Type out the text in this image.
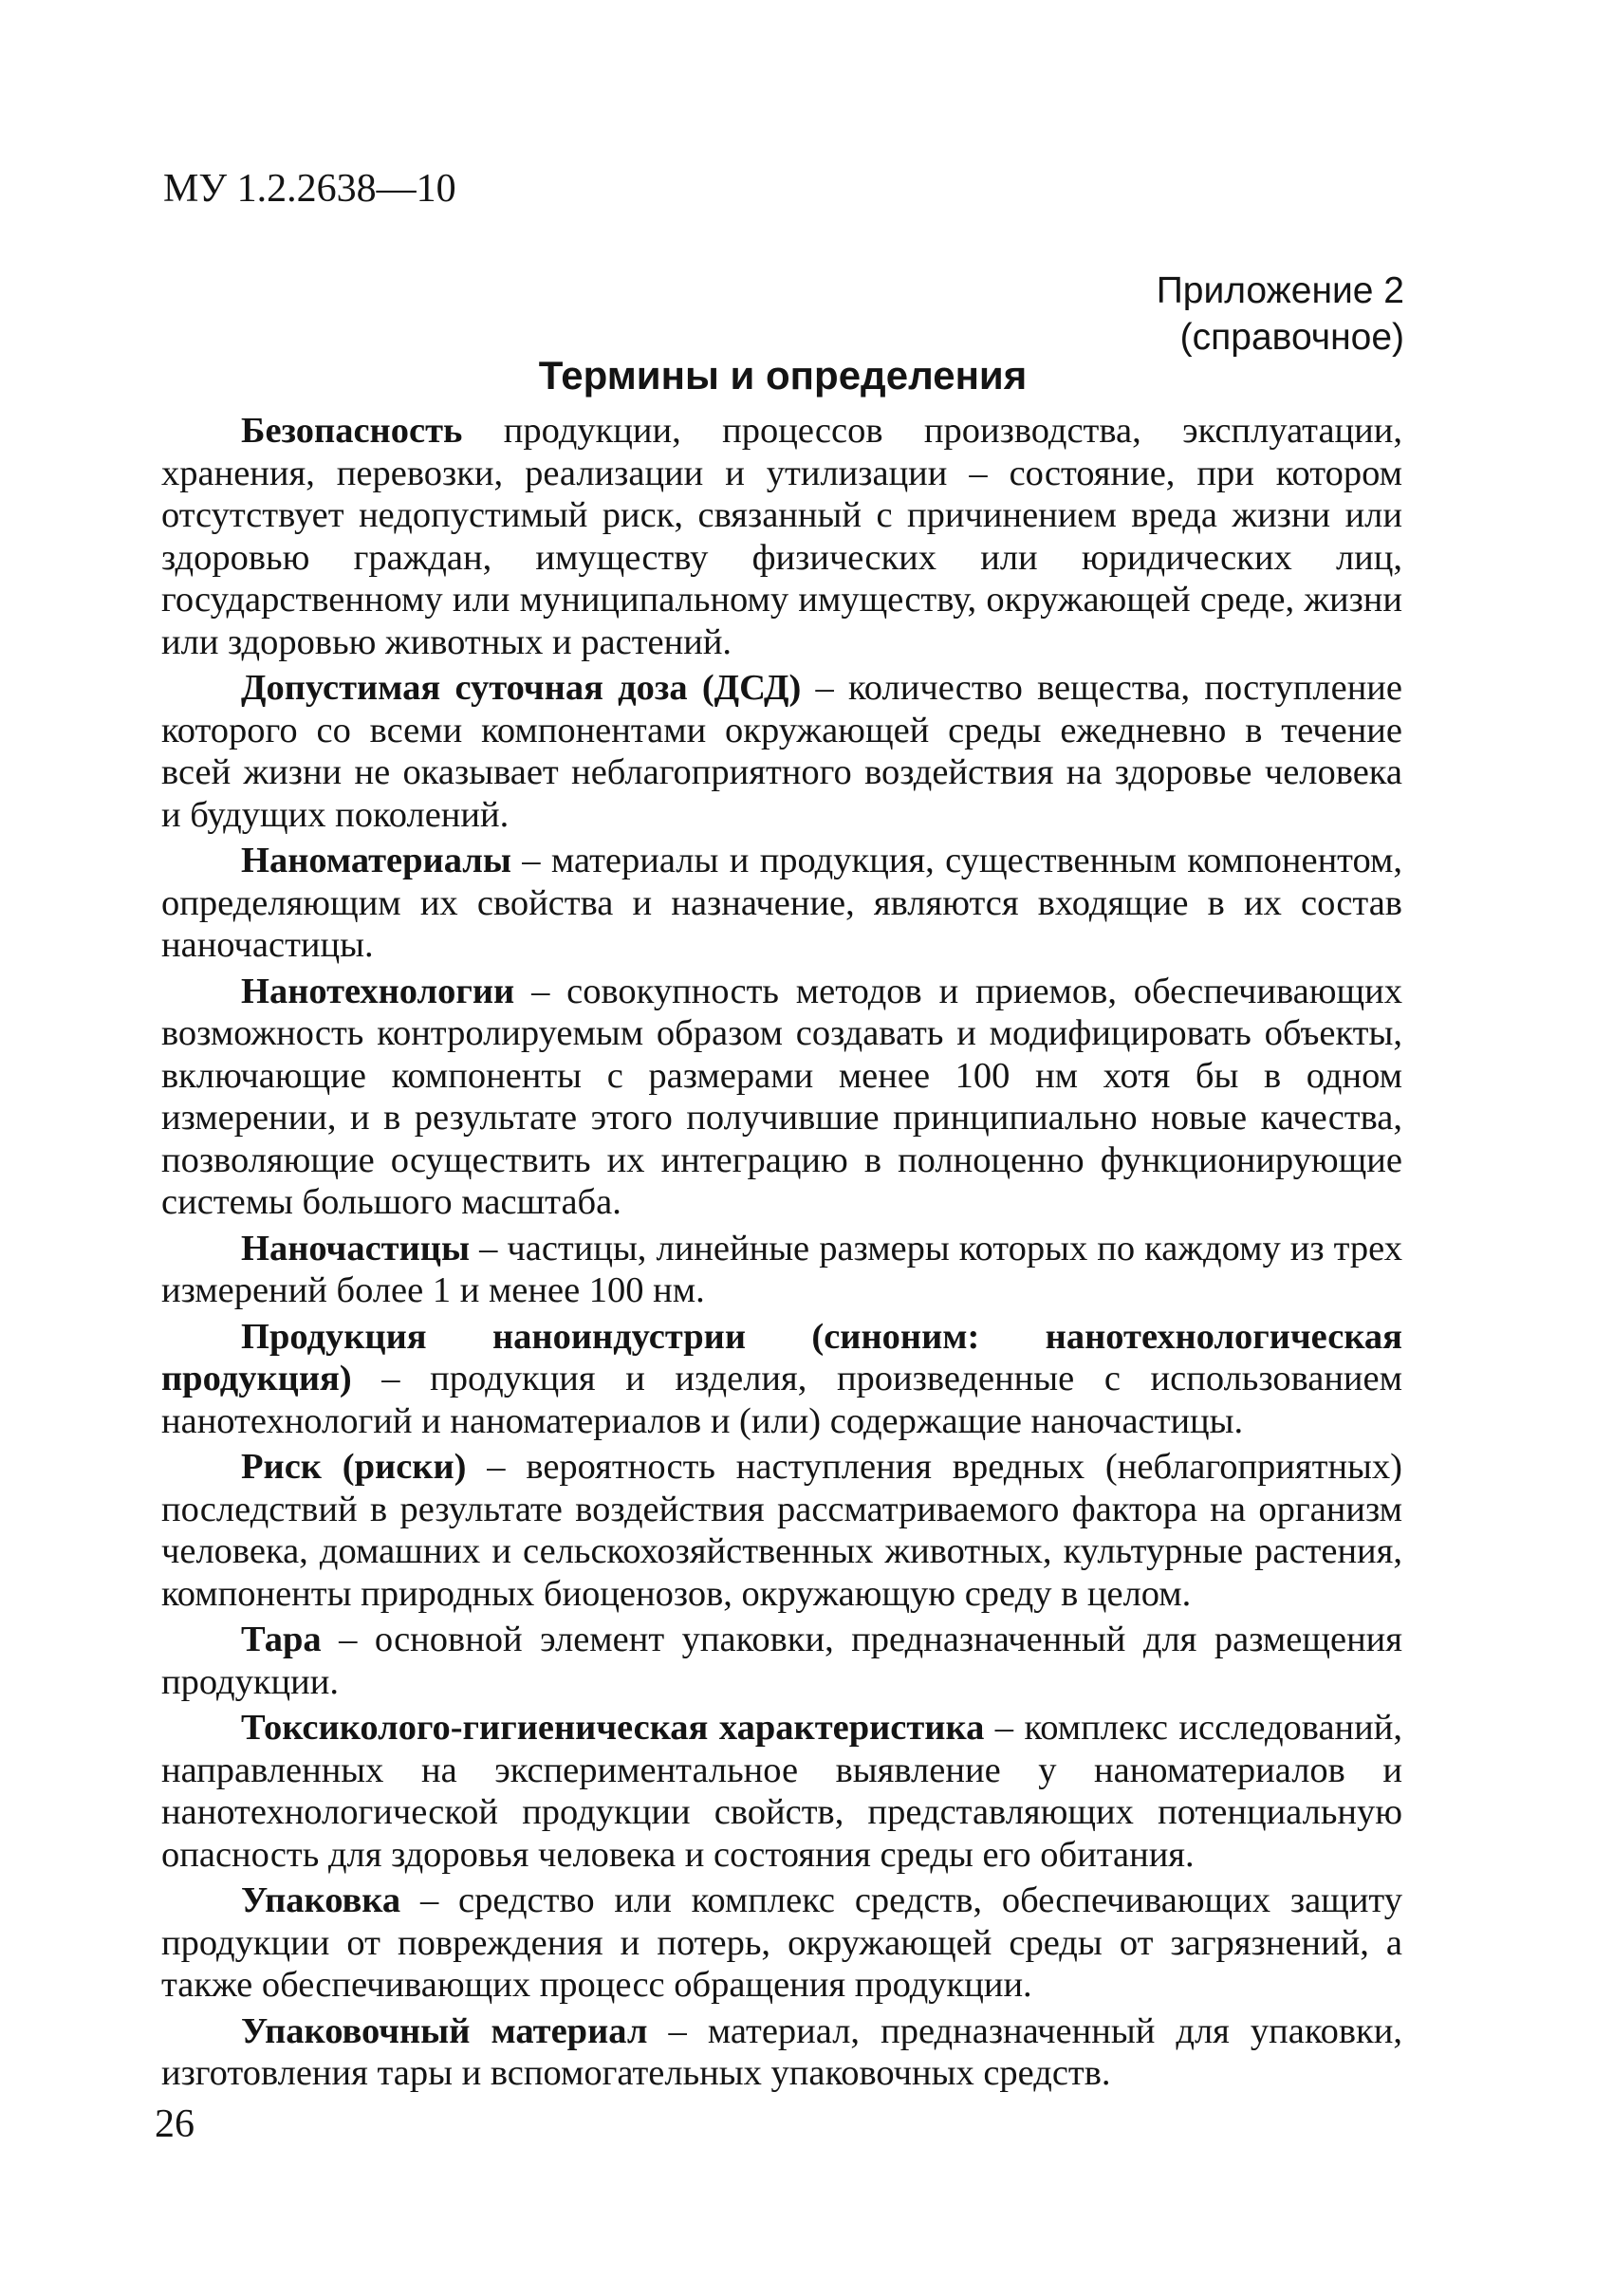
МУ 1.2.2638—10
Приложение 2
(справочное)
Термины и определения

Безопасность продукции, процессов производства, эксплуатации, хранения, перевозки, реализации и утилизации – состояние, при котором отсутствует недопустимый риск, связанный с причинением вреда жизни или здоровью граждан, имуществу физических или юридических лиц, государственному или муниципальному имуществу, окружающей среде, жизни или здоровью животных и растений.

Допустимая суточная доза (ДСД) – количество вещества, поступление которого со всеми компонентами окружающей среды ежедневно в течение всей жизни не оказывает неблагоприятного воздействия на здоровье человека и будущих поколений.

Наноматериалы – материалы и продукция, существенным компонентом, определяющим их свойства и назначение, являются входящие в их состав наночастицы.

Нанотехнологии – совокупность методов и приемов, обеспечивающих возможность контролируемым образом создавать и модифицировать объекты, включающие компоненты с размерами менее 100 нм хотя бы в одном измерении, и в результате этого получившие принципиально новые качества, позволяющие осуществить их интеграцию в полноценно функционирующие системы большого масштаба.

Наночастицы – частицы, линейные размеры которых по каждому из трех измерений более 1 и менее 100 нм.

Продукция наноиндустрии (синоним: нанотехнологическая продукция) – продукция и изделия, произведенные с использованием нанотехнологий и наноматериалов и (или) содержащие наночастицы.

Риск (риски) – вероятность наступления вредных (неблагоприятных) последствий в результате воздействия рассматриваемого фактора на организм человека, домашних и сельскохозяйственных животных, культурные растения, компоненты природных биоценозов, окружающую среду в целом.

Тара – основной элемент упаковки, предназначенный для размещения продукции.

Токсиколого-гигиеническая характеристика – комплекс исследований, направленных на экспериментальное выявление у наноматериалов и нанотехнологической продукции свойств, представляющих потенциальную опасность для здоровья человека и состояния среды его обитания.

Упаковка – средство или комплекс средств, обеспечивающих защиту продукции от повреждения и потерь, окружающей среды от загрязнений, а также обеспечивающих процесс обращения продукции.

Упаковочный материал – материал, предназначенный для упаковки, изготовления тары и вспомогательных упаковочных средств.

26
